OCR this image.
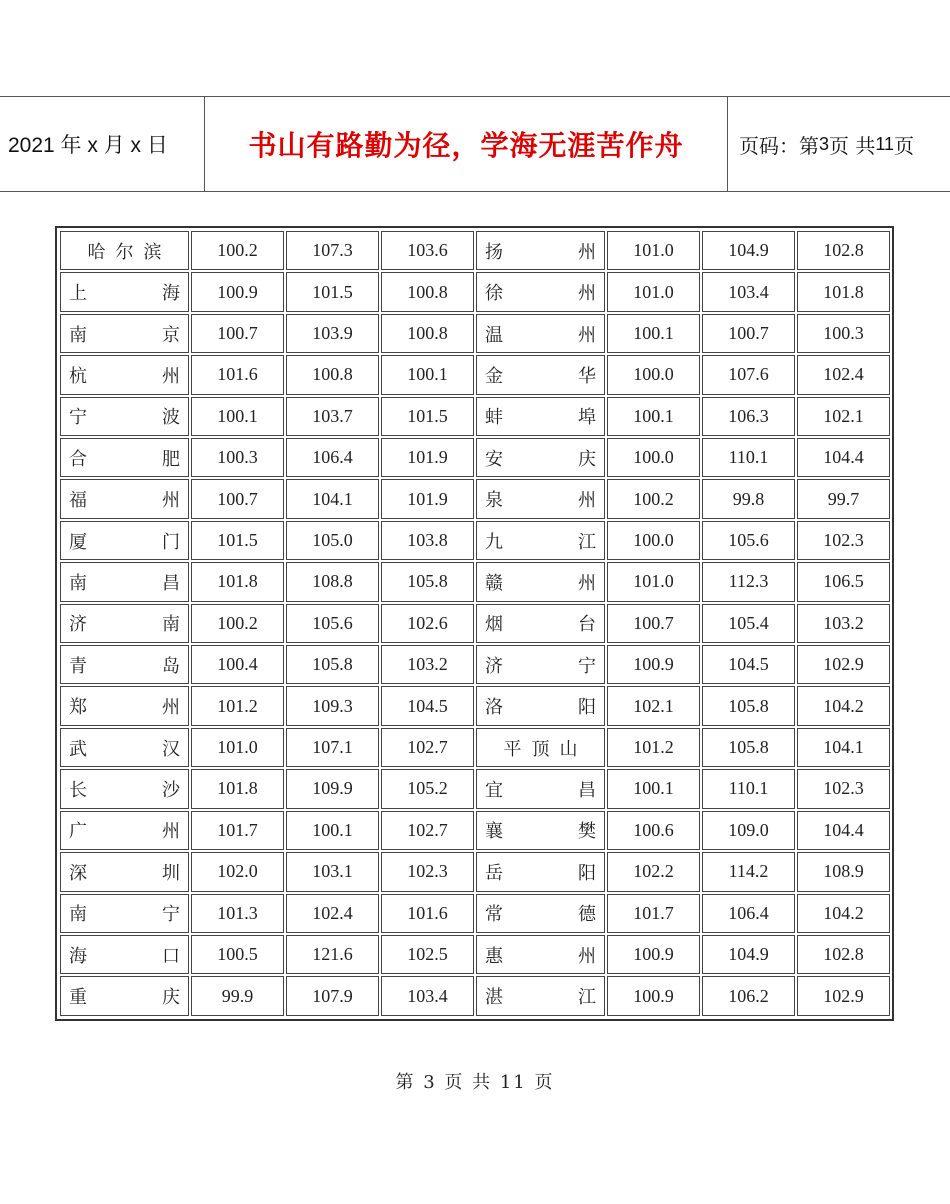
2021 年 x 月 x 日	书山有路勤为径，学海无涯苦作舟	页码：第 3 页 共 11 页
哈 尔 滨	100.2	107.3	103.6	扬 州	101.0	104.9	102.8

上 海	100.9	101.5	100.8	徐 州	101.0	103.4	101.8

南 京	100.7	103.9	100.8	温 州	100.1	100.7	100.3

杭 州	101.6	100.8	100.1	金 华	100.0	107.6	102.4

宁 波	100.1	103.7	101.5	蚌 埠	100.1	106.3	102.1

合 肥	100.3	106.4	101.9	安 庆	100.0	110.1	104.4

福 州	100.7	104.1	101.9	泉 州	100.2	99.8	99.7

厦 门	101.5	105.0	103.8	九 江	100.0	105.6	102.3

南 昌	101.8	108.8	105.8	赣 州	101.0	112.3	106.5

济 南	100.2	105.6	102.6	烟 台	100.7	105.4	103.2

青 岛	100.4	105.8	103.2	济 宁	100.9	104.5	102.9

郑 州	101.2	109.3	104.5	洛 阳	102.1	105.8	104.2

武 汉	101.0	107.1	102.7	平 顶 山	101.2	105.8	104.1

长 沙	101.8	109.9	105.2	宜 昌	100.1	110.1	102.3

广 州	101.7	100.1	102.7	襄 樊	100.6	109.0	104.4

深 圳	102.0	103.1	102.3	岳 阳	102.2	114.2	108.9

南 宁	101.3	102.4	101.6	常 德	101.7	106.4	104.2

海 口	100.5	121.6	102.5	惠 州	100.9	104.9	102.8

重 庆	99.9	107.9	103.4	湛 江	100.9	106.2	102.9
第 3 页 共 11 页
